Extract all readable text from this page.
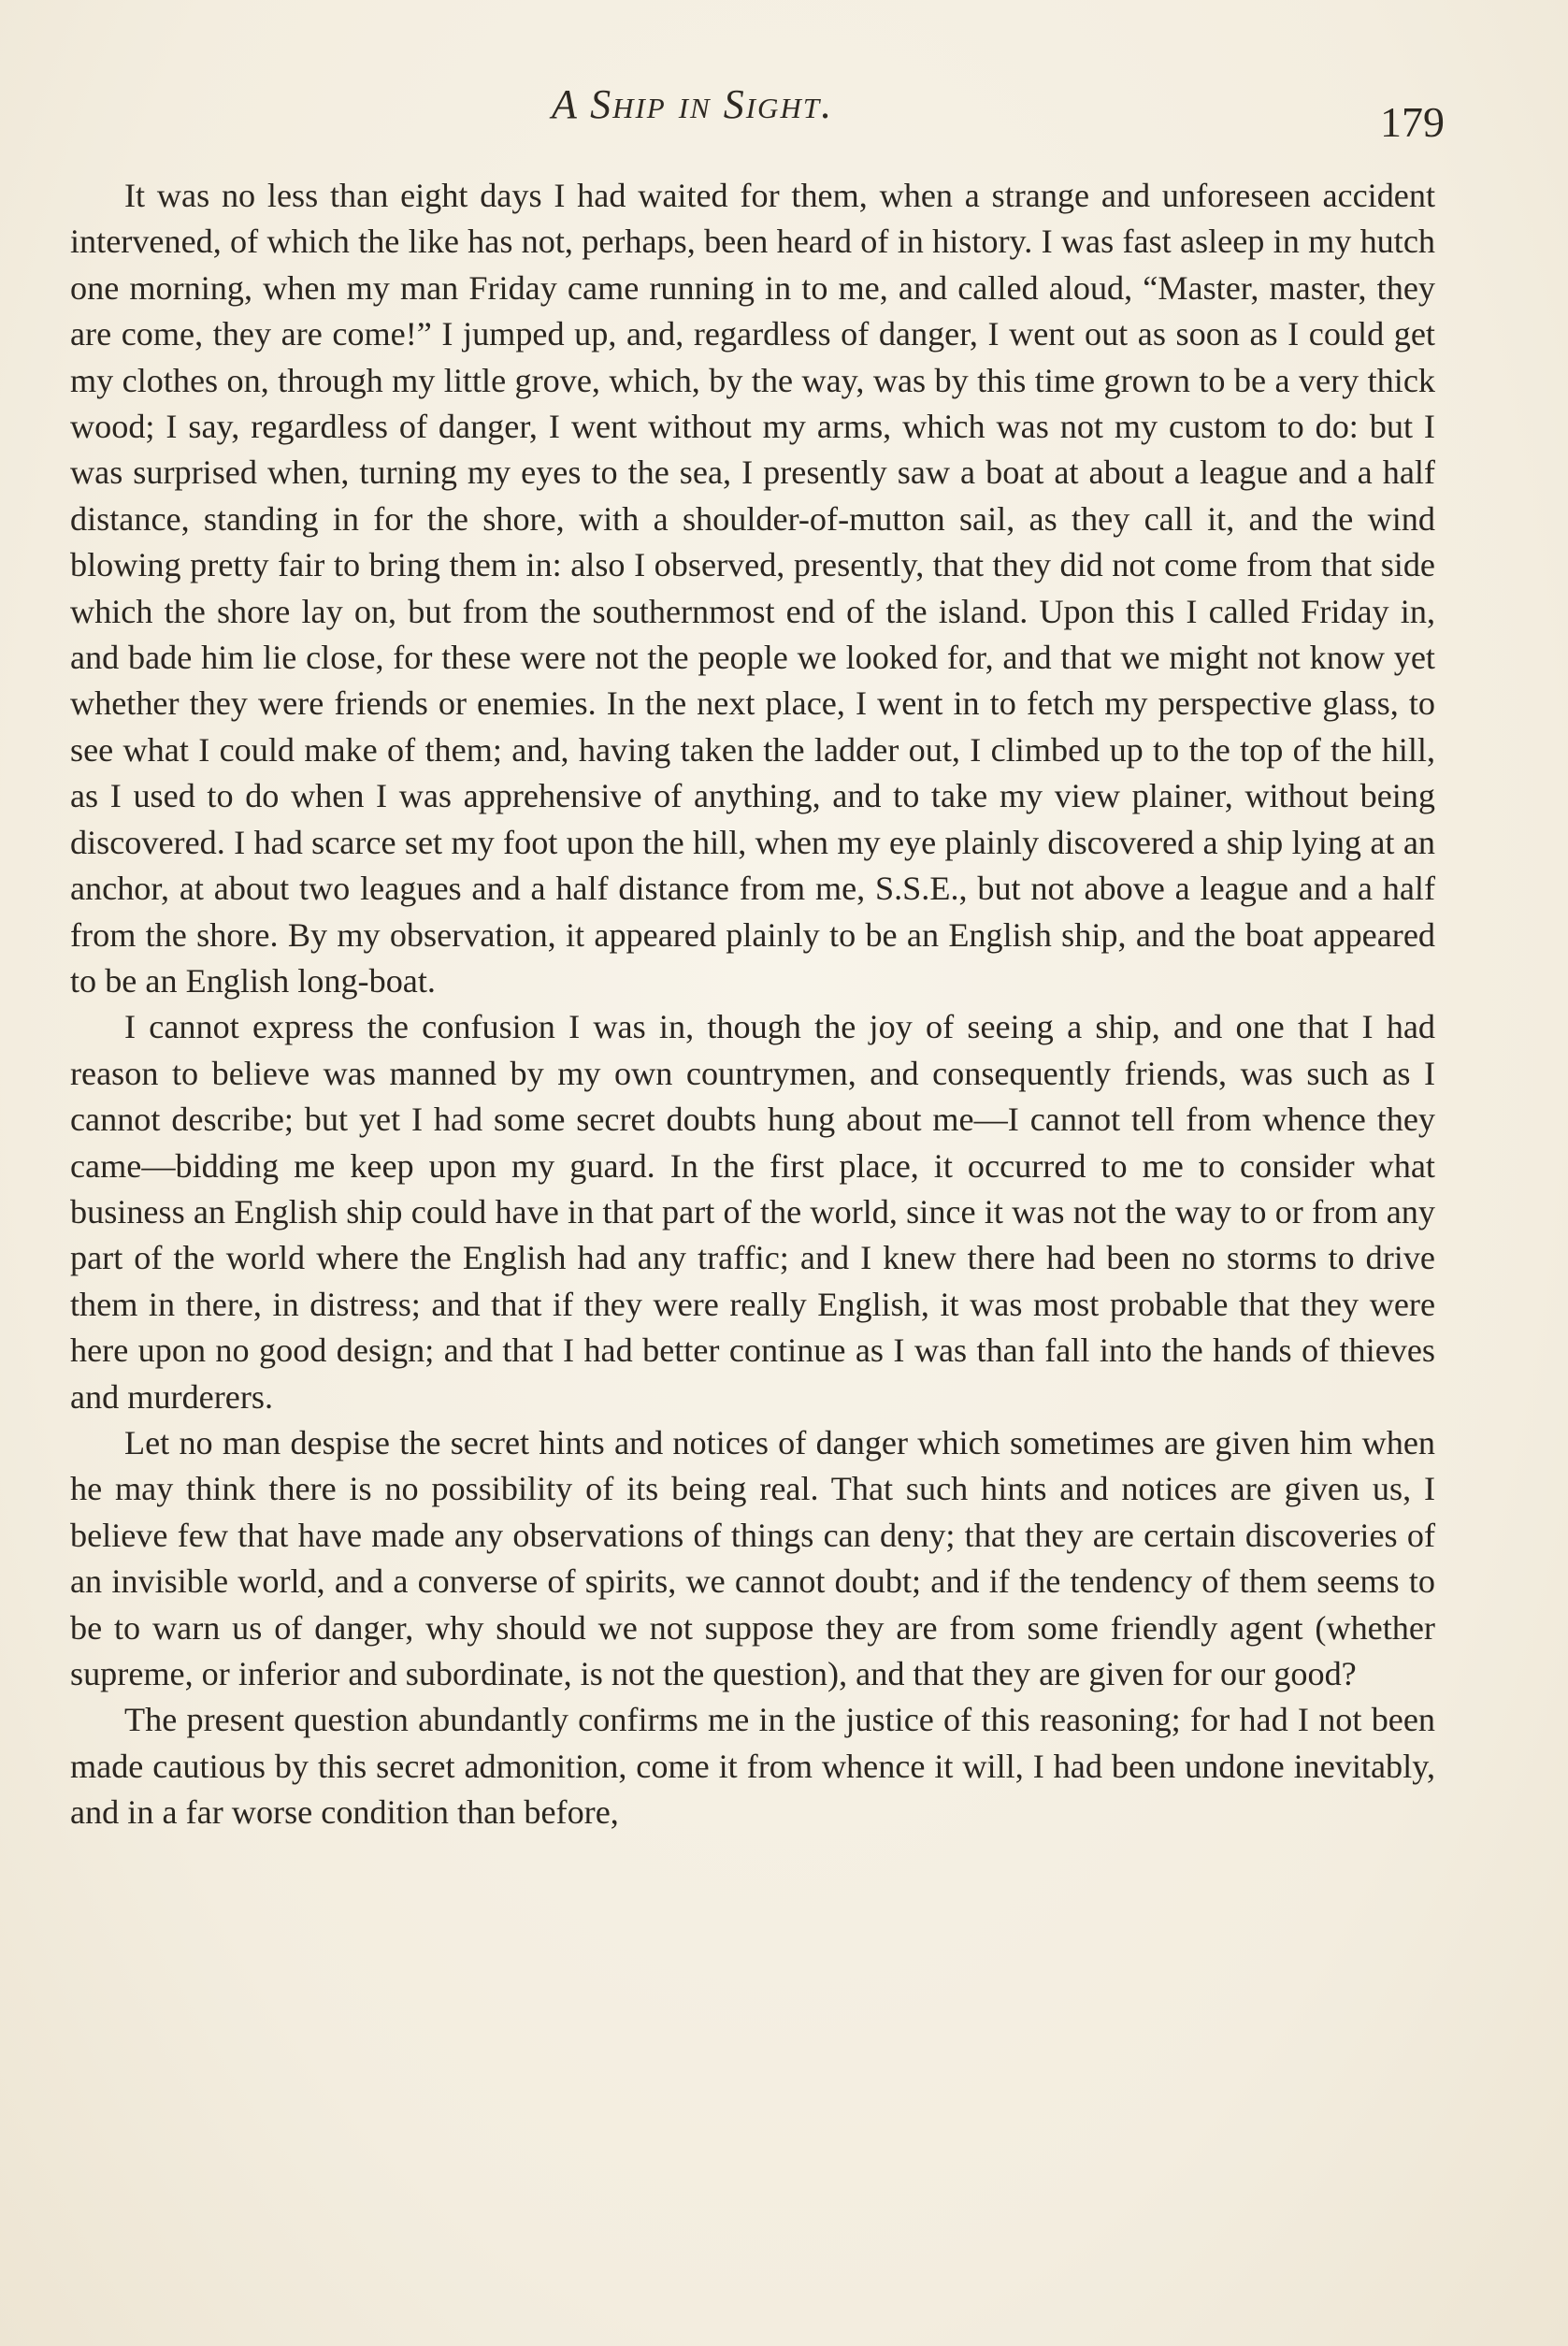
A Ship in Sight.	179

It was no less than eight days I had waited for them, when a strange and unforeseen accident intervened, of which the like has not, perhaps, been heard of in history. I was fast asleep in my hutch one morning, when my man Friday came running in to me, and called aloud, “Master, master, they are come, they are come!” I jumped up, and, regardless of danger, I went out as soon as I could get my clothes on, through my little grove, which, by the way, was by this time grown to be a very thick wood; I say, regardless of danger, I went without my arms, which was not my custom to do: but I was surprised when, turning my eyes to the sea, I presently saw a boat at about a league and a half distance, standing in for the shore, with a shoulder-of-mutton sail, as they call it, and the wind blowing pretty fair to bring them in: also I observed, presently, that they did not come from that side which the shore lay on, but from the southernmost end of the island. Upon this I called Friday in, and bade him lie close, for these were not the people we looked for, and that we might not know yet whether they were friends or enemies. In the next place, I went in to fetch my perspective glass, to see what I could make of them; and, having taken the ladder out, I climbed up to the top of the hill, as I used to do when I was apprehensive of anything, and to take my view plainer, without being discovered. I had scarce set my foot upon the hill, when my eye plainly discovered a ship lying at an anchor, at about two leagues and a half distance from me, S.S.E., but not above a league and a half from the shore. By my observation, it appeared plainly to be an English ship, and the boat appeared to be an English long-boat.

I cannot express the confusion I was in, though the joy of seeing a ship, and one that I had reason to believe was manned by my own countrymen, and consequently friends, was such as I cannot describe; but yet I had some secret doubts hung about me—I cannot tell from whence they came—bidding me keep upon my guard. In the first place, it occurred to me to consider what business an English ship could have in that part of the world, since it was not the way to or from any part of the world where the English had any traffic; and I knew there had been no storms to drive them in there, in distress; and that if they were really English, it was most probable that they were here upon no good design; and that I had better continue as I was than fall into the hands of thieves and murderers.

Let no man despise the secret hints and notices of danger which sometimes are given him when he may think there is no possibility of its being real. That such hints and notices are given us, I believe few that have made any observations of things can deny; that they are certain discoveries of an invisible world, and a converse of spirits, we cannot doubt; and if the tendency of them seems to be to warn us of danger, why should we not suppose they are from some friendly agent (whether supreme, or inferior and subordinate, is not the question), and that they are given for our good?

The present question abundantly confirms me in the justice of this reasoning; for had I not been made cautious by this secret admonition, come it from whence it will, I had been undone inevitably, and in a far worse condition than before,
